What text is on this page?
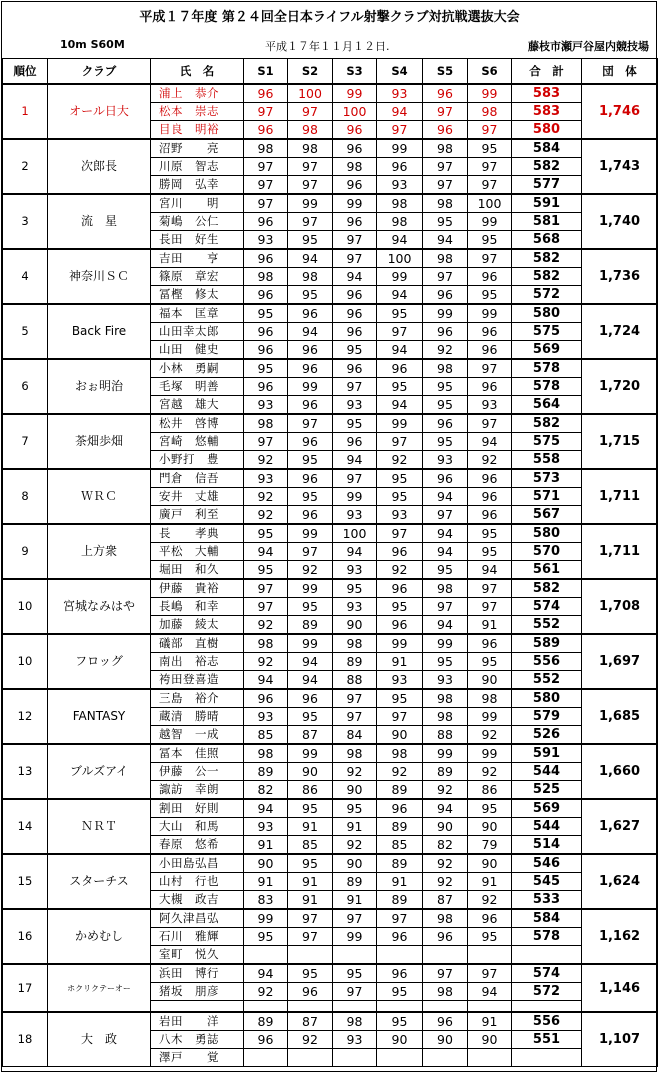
平成１７年度 第２４回全日本ライフル射撃クラブ対抗戦選抜大会
10m S60M	平成１７年１１月１２日.	藤枝市瀬戸谷屋内競技場
順位	クラブ	氏　名	S1	S2	S3	S4	S5	S6	合　計	団　体
1	オール日大	浦上　恭介	96	100	99	93	96	99	583	1,746
		松本　崇志	97	97	100	94	97	98	583	
		目良　明裕	96	98	96	97	96	97	580	
2	次郎長	沼野　　亮	98	98	96	99	98	95	584	1,743
		川原　智志	97	97	98	96	97	97	582	
		勝岡　弘幸	97	97	96	93	97	97	577	
3	流　星	宮川　　明	97	99	99	98	98	100	591	1,740
		菊嶋　公仁	96	97	96	98	95	99	581	
		長田　好生	93	95	97	94	94	95	568	
4	神奈川ＳＣ	吉田　　亨	96	94	97	100	98	97	582	1,736
		篠原　章宏	98	98	94	99	97	96	582	
		冨樫　修太	96	95	96	94	96	95	572	
5	Back Fire	福本　匡章	95	96	96	95	99	99	580	1,724
		山田幸太郎	96	94	96	97	96	96	575	
		山田　健史	96	96	95	94	92	96	569	
6	おぉ明治	小林　勇嗣	95	96	96	96	98	97	578	1,720
		毛塚　明善	96	99	97	95	95	96	578	
		宮越　雄大	93	96	93	94	95	93	564	
7	茶畑歩畑	松井　啓博	98	97	95	99	96	97	582	1,715
		宮崎　悠輔	97	96	96	97	95	94	575	
		小野打　豊	92	95	94	92	93	92	558	
8	ＷＲＣ	門倉　信吾	93	96	97	95	96	96	573	1,711
		安井　丈雄	92	95	99	95	94	96	571	
		廣戸　利至	92	96	93	93	97	96	567	
9	上方衆	長　　孝典	95	99	100	97	94	95	580	1,711
		平松　大輔	94	97	94	96	94	95	570	
		堀田　和久	95	92	93	92	95	94	561	
10	宮城なみはや	伊藤　貴裕	97	99	95	96	98	97	582	1,708
		長嶋　和幸	97	95	93	95	97	97	574	
		加藤　綾太	92	89	90	96	94	91	552	
10	フロッグ	礒部　直樹	98	99	98	99	99	96	589	1,697
		南出　裕志	92	94	89	91	95	95	556	
		袴田登喜造	94	94	88	93	93	90	552	
12	FANTASY	三島　裕介	96	96	97	95	98	98	580	1,685
		蔵清　勝晴	93	95	97	97	98	99	579	
		越智　一成	85	87	84	90	88	92	526	
13	ブルズアイ	冨本　佳照	98	99	98	98	99	99	591	1,660
		伊藤　公一	89	90	92	92	89	92	544	
		諏訪　幸朗	82	86	90	89	92	86	525	
14	ＮＲＴ	割田　好則	94	95	95	96	94	95	569	1,627
		大山　和馬	93	91	91	89	90	90	544	
		春原　悠希	91	85	92	85	82	79	514	
15	スターチス	小田島弘昌	90	95	90	89	92	90	546	1,624
		山村　行也	91	91	89	91	92	91	545	
		大槻　政吉	83	91	91	89	87	92	533	
16	かめむし	阿久津昌弘	99	97	97	97	98	96	584	1,162
		石川　雅輝	95	97	99	96	96	95	578	
		室町　悦久								
17	ホクリクテーオー	浜田　博行	94	95	95	96	97	97	574	1,146
		猪坂　朋彦	92	96	97	95	98	94	572	

18	大　政	岩田　　洋	89	87	98	95	96	91	556	1,107
		八木　勇誌	96	92	93	90	90	90	551	
		澤戸　　覚								
